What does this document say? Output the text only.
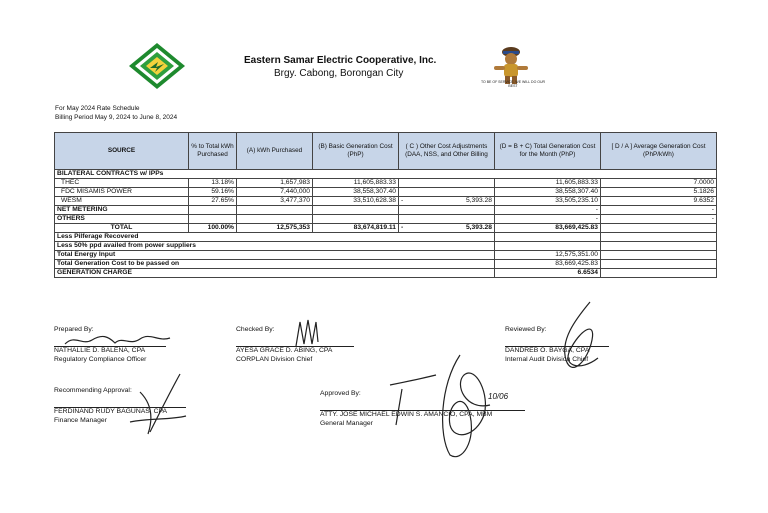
TO BE OF SERVICE, WE WILL DO OUR BEST
Eastern Samar Electric Cooperative, Inc.
Brgy. Cabong, Borongan City
For May 2024 Rate Schedule
Billing Period May 9, 2024 to June 8, 2024
SOURCE	% to Total kWh Purchased	(A) kWh Purchased	(B) Basic Generation Cost (PhP)	( C ) Other Cost Adjustments (DAA, NSS, and Other Billing	(D = B + C) Total Generation Cost for the Month (PhP)	[ D / A ] Average Generation Cost (PhP/kWh)
BILATERAL CONTRACTS w/ IPPs						
THEC	13.18%	1,657,983	11,605,883.33		11,605,883.33	7.0000
FDC MISAMIS POWER	59.16%	7,440,000	38,558,307.40		38,558,307.40	5.1826
WESM	27.65%	3,477,370	33,510,628.38	- 5,393.28	33,505,235.10	9.6352
NET METERING					-	-
OTHERS					-	-
TOTAL	100.00%	12,575,353	83,674,819.11	- 5,393.28	83,669,425.83	
Less Pilferage Recovered						
Less 50% ppd availed from power suppliers						
Total Energy Input					12,575,351.00	
Total Generation Cost to be passed on					83,669,425.83	
GENERATION CHARGE					6.6534	
Prepared By:
NATHALLIE D. BALEÑA, CPA
Regulatory Compliance Officer
Checked By:
AYESA GRACE D. ABING, CPA
CORPLAN Division Chief
Reviewed By:
DANDREB O. BAYGA, CPA
Internal Audit Division Chief
Recommending Approval:
FERDINAND RUDY BAGUNAS, CPA
Finance Manager
Approved By:
ATTY. JOSE MICHAEL EDWIN S. AMANCIO, CPA, MBM
General Manager
10/06
